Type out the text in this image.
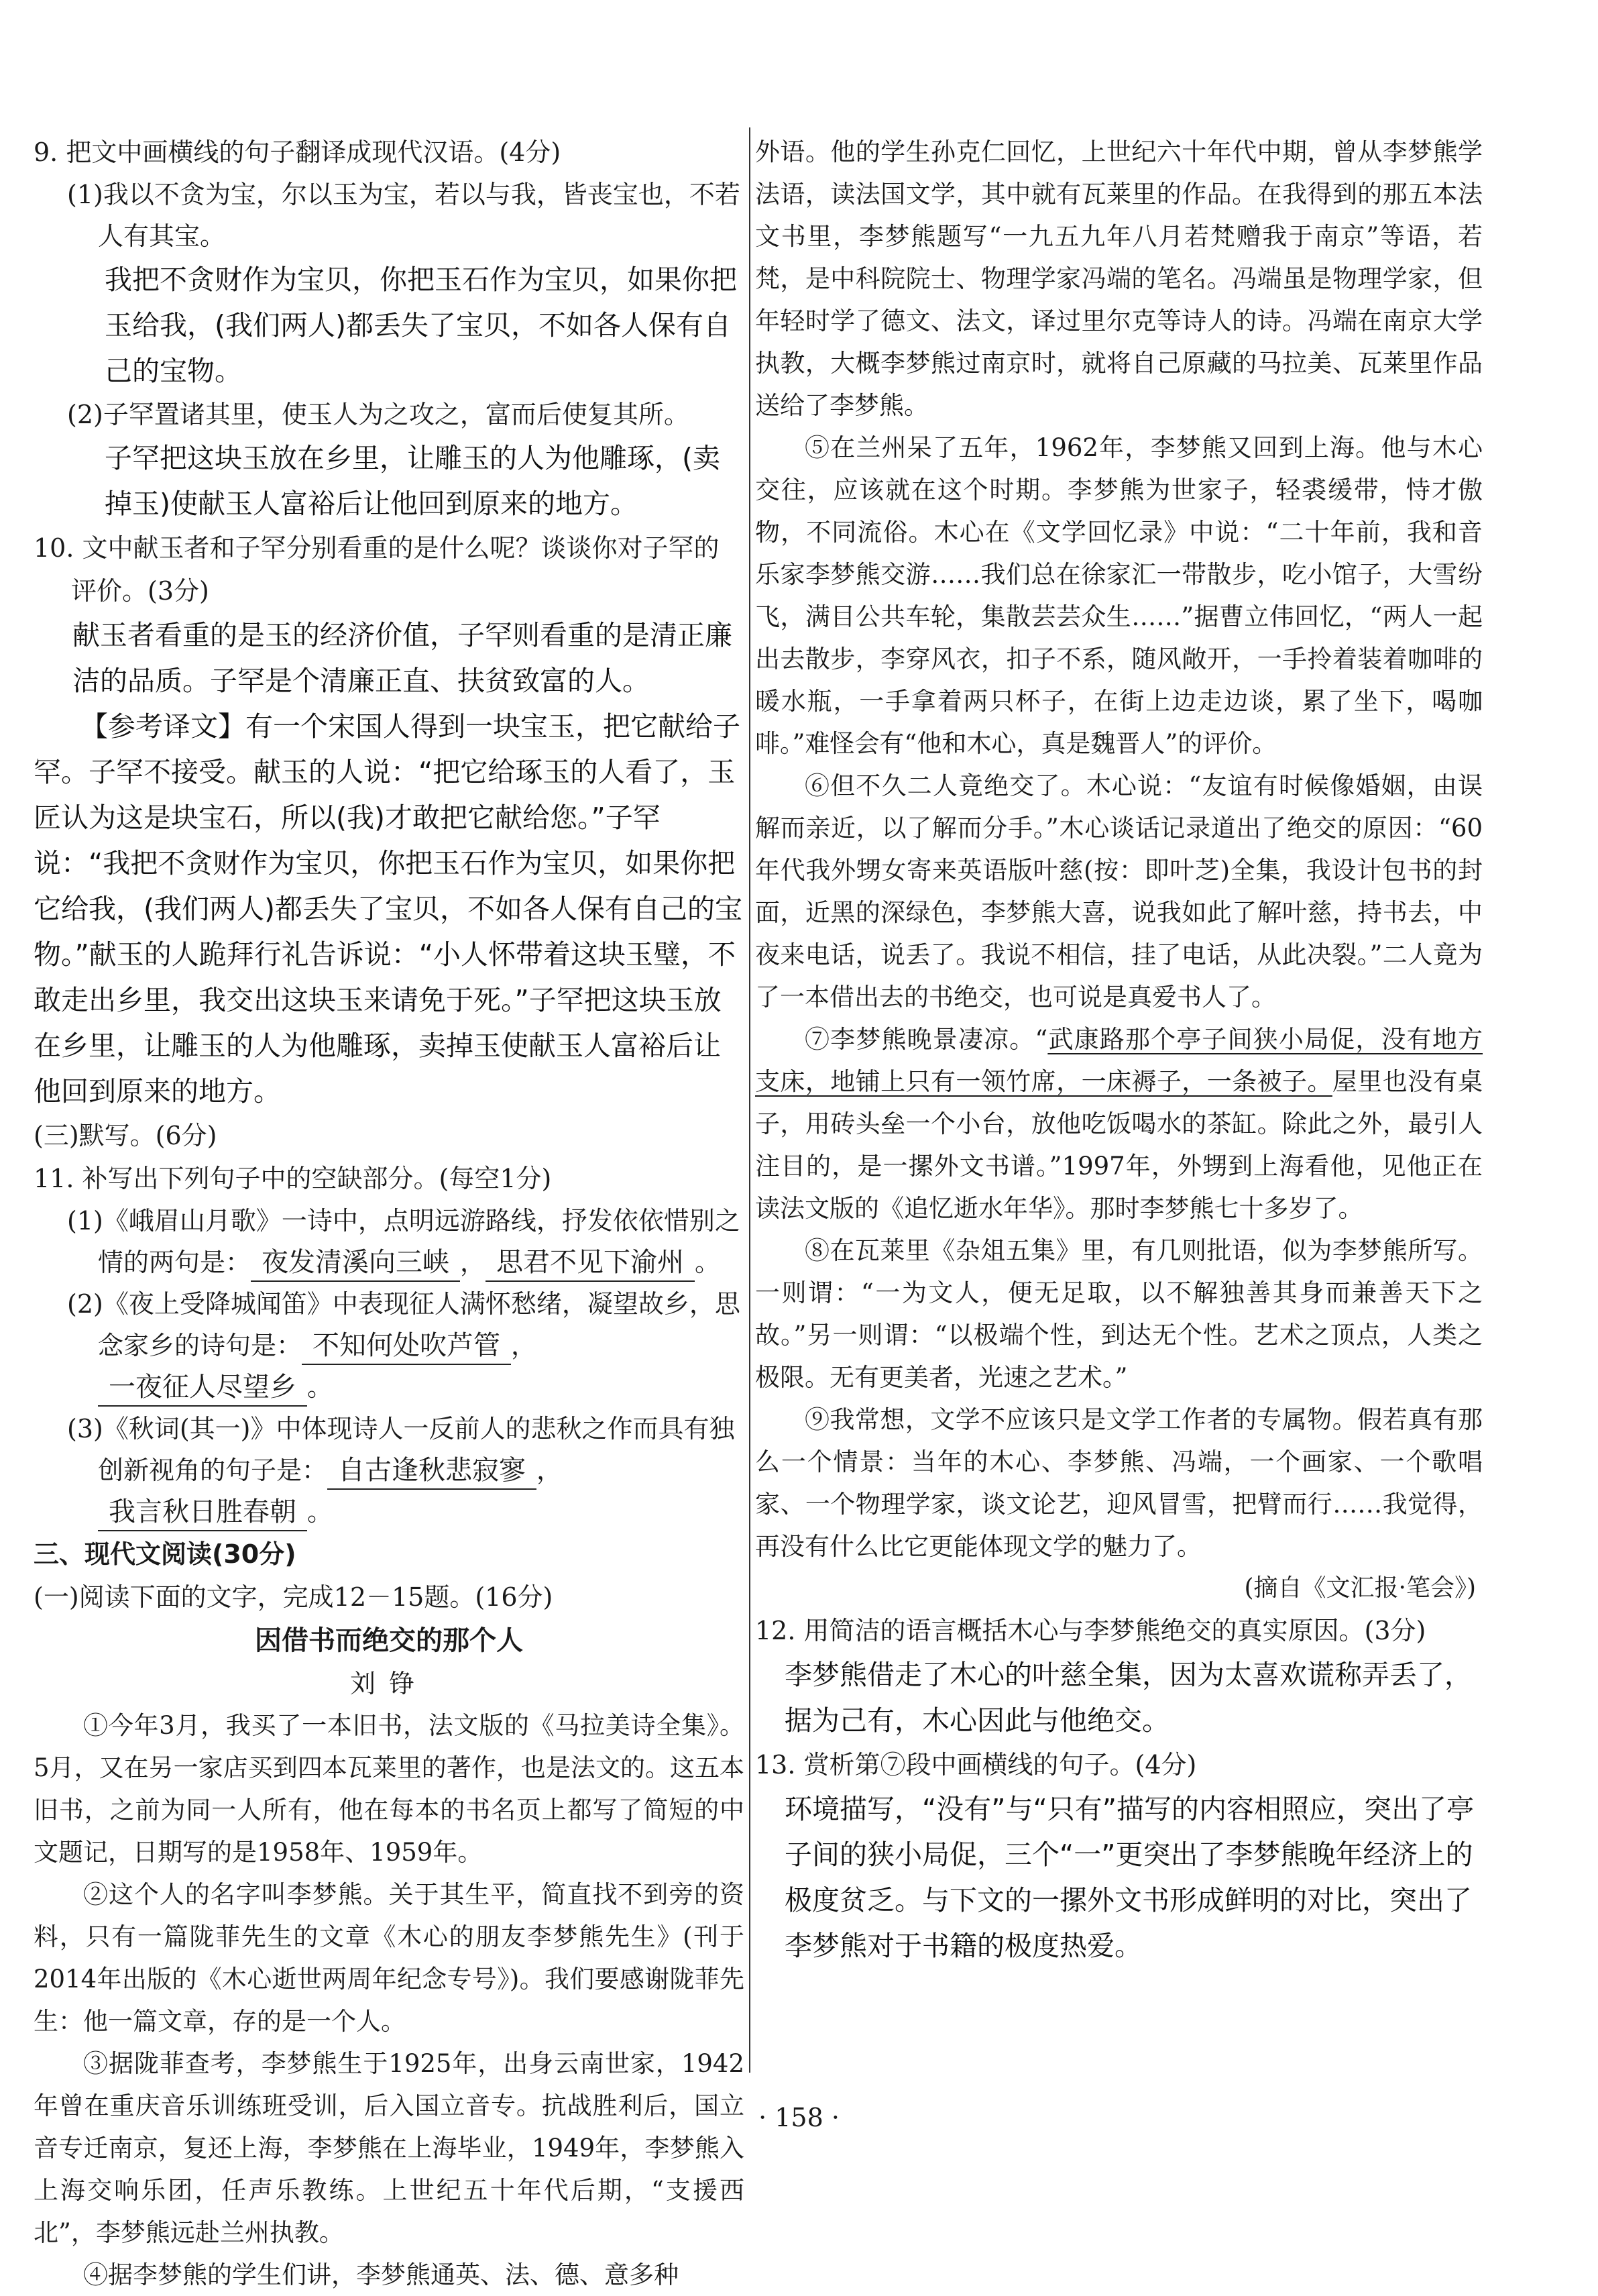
9. 把文中画横线的句子翻译成现代汉语。(4分)

(1)我以不贪为宝，尔以玉为宝，若以与我，皆丧宝也，不若人有其宝。

我把不贪财作为宝贝，你把玉石作为宝贝，如果你把玉给我，(我们两人)都丢失了宝贝，不如各人保有自己的宝物。

(2)子罕置诸其里，使玉人为之攻之，富而后使复其所。

子罕把这块玉放在乡里，让雕玉的人为他雕琢，(卖掉玉)使献玉人富裕后让他回到原来的地方。

10. 文中献玉者和子罕分别看重的是什么呢？谈谈你对子罕的评价。(3分)

献玉者看重的是玉的经济价值，子罕则看重的是清正廉洁的品质。子罕是个清廉正直、扶贫致富的人。

【参考译文】有一个宋国人得到一块宝玉，把它献给子罕。子罕不接受。献玉的人说：“把它给琢玉的人看了，玉匠认为这是块宝石，所以(我)才敢把它献给您。”子罕说：“我把不贪财作为宝贝，你把玉石作为宝贝，如果你把它给我，(我们两人)都丢失了宝贝，不如各人保有自己的宝物。”献玉的人跪拜行礼告诉说：“小人怀带着这块玉璧，不敢走出乡里，我交出这块玉来请免于死。”子罕把这块玉放在乡里，让雕玉的人为他雕琢，卖掉玉使献玉人富裕后让他回到原来的地方。

(三)默写。(6分)

11. 补写出下列句子中的空缺部分。(每空1分)

(1)《峨眉山月歌》一诗中，点明远游路线，抒发依依惜别之情的两句是： 夜发清溪向三峡 ， 思君不见下渝州 。

(2)《夜上受降城闻笛》中表现征人满怀愁绪，凝望故乡，思念家乡的诗句是： 不知何处吹芦管 ，一夜征人尽望乡 。

(3)《秋词(其一)》中体现诗人一反前人的悲秋之作而具有独创新视角的句子是： 自古逢秋悲寂寥 ，我言秋日胜春朝 。

三、现代文阅读(30分)

(一)阅读下面的文字，完成12－15题。(16分)

因借书而绝交的那个人

刘铮

①今年3月，我买了一本旧书，法文版的《马拉美诗全集》。5月，又在另一家店买到四本瓦莱里的著作，也是法文的。这五本旧书，之前为同一人所有，他在每本的书名页上都写了简短的中文题记，日期写的是1958年、1959年。

②这个人的名字叫李梦熊。关于其生平，简直找不到旁的资料，只有一篇陇菲先生的文章《木心的朋友李梦熊先生》(刊于2014年出版的《木心逝世两周年纪念专号》)。我们要感谢陇菲先生：他一篇文章，存的是一个人。

③据陇菲查考，李梦熊生于1925年，出身云南世家，1942年曾在重庆音乐训练班受训，后入国立音专。抗战胜利后，国立音专迁南京，复还上海，李梦熊在上海毕业，1949年，李梦熊入上海交响乐团，任声乐教练。上世纪五十年代后期，“支援西北”，李梦熊远赴兰州执教。

④据李梦熊的学生们讲，李梦熊通英、法、德、意多种

外语。他的学生孙克仁回忆，上世纪六十年代中期，曾从李梦熊学法语，读法国文学，其中就有瓦莱里的作品。在我得到的那五本法文书里，李梦熊题写“一九五九年八月若梵赠我于南京”等语，若梵，是中科院院士、物理学家冯端的笔名。冯端虽是物理学家，但年轻时学了德文、法文，译过里尔克等诗人的诗。冯端在南京大学执教，大概李梦熊过南京时，就将自己原藏的马拉美、瓦莱里作品送给了李梦熊。

⑤在兰州呆了五年，1962年，李梦熊又回到上海。他与木心交往，应该就在这个时期。李梦熊为世家子，轻裘缓带，恃才傲物，不同流俗。木心在《文学回忆录》中说：“二十年前，我和音乐家李梦熊交游……我们总在徐家汇一带散步，吃小馆子，大雪纷飞，满目公共车轮，集散芸芸众生……”据曹立伟回忆，“两人一起出去散步，李穿风衣，扣子不系，随风敞开，一手拎着装着咖啡的暖水瓶，一手拿着两只杯子，在街上边走边谈，累了坐下，喝咖啡。”难怪会有“他和木心，真是魏晋人”的评价。

⑥但不久二人竟绝交了。木心说：“友谊有时候像婚姻，由误解而亲近，以了解而分手。”木心谈话记录道出了绝交的原因：“60年代我外甥女寄来英语版叶慈(按：即叶芝)全集，我设计包书的封面，近黑的深绿色，李梦熊大喜，说我如此了解叶慈，持书去，中夜来电话，说丢了。我说不相信，挂了电话，从此决裂。”二人竟为了一本借出去的书绝交，也可说是真爱书人了。

⑦李梦熊晚景凄凉。“武康路那个亭子间狭小局促，没有地方支床，地铺上只有一领竹席，一床褥子，一条被子。屋里也没有桌子，用砖头垒一个小台，放他吃饭喝水的茶缸。除此之外，最引人注目的，是一摞外文书谱。”1997年，外甥到上海看他，见他正在读法文版的《追忆逝水年华》。那时李梦熊七十多岁了。

⑧在瓦莱里《杂俎五集》里，有几则批语，似为李梦熊所写。一则谓：“一为文人，便无足取，以不解独善其身而兼善天下之故。”另一则谓：“以极端个性，到达无个性。艺术之顶点，人类之极限。无有更美者，光速之艺术。”

⑨我常想，文学不应该只是文学工作者的专属物。假若真有那么一个情景：当年的木心、李梦熊、冯端，一个画家、一个歌唱家、一个物理学家，谈文论艺，迎风冒雪，把臂而行……我觉得，再没有什么比它更能体现文学的魅力了。

(摘自《文汇报·笔会》)

12. 用简洁的语言概括木心与李梦熊绝交的真实原因。(3分)

李梦熊借走了木心的叶慈全集，因为太喜欢谎称弄丢了，据为己有，木心因此与他绝交。

13. 赏析第⑦段中画横线的句子。(4分)

环境描写，“没有”与“只有”描写的内容相照应，突出了亭子间的狭小局促，三个“一”更突出了李梦熊晚年经济上的极度贫乏。与下文的一摞外文书形成鲜明的对比，突出了李梦熊对于书籍的极度热爱。

· 158 ·
